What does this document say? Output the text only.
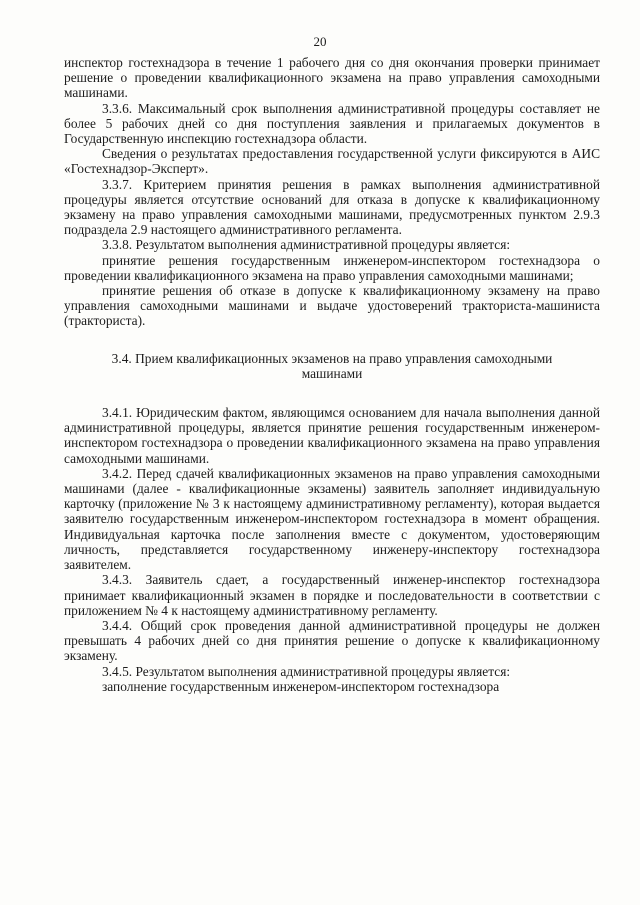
20

инспектор гостехнадзора в течение 1 рабочего дня со дня окончания проверки принимает решение о проведении квалификационного экзамена на право управления самоходными машинами.

3.3.6. Максимальный срок выполнения административной процедуры составляет не более 5 рабочих дней со дня поступления заявления и прилагаемых документов в Государственную инспекцию гостехнадзора области.

Сведения о результатах предоставления государственной услуги фиксируются в АИС «Гостехнадзор-Эксперт».

3.3.7. Критерием принятия решения в рамках выполнения административной процедуры является отсутствие оснований для отказа в допуске к квалификационному экзамену на право управления самоходными машинами, предусмотренных пунктом 2.9.3 подраздела 2.9 настоящего административного регламента.

3.3.8. Результатом выполнения административной процедуры является:

принятие решения государственным инженером-инспектором гостехнадзора о проведении квалификационного экзамена на право управления самоходными машинами;

принятие решения об отказе в допуске к квалификационному экзамену на право управления самоходными машинами и выдаче удостоверений тракториста-машиниста (тракториста).

3.4. Прием квалификационных экзаменов на право управления самоходными машинами

3.4.1. Юридическим фактом, являющимся основанием для начала выполнения данной административной процедуры, является принятие решения государственным инженером-инспектором гостехнадзора о проведении квалификационного экзамена на право управления самоходными машинами.

3.4.2. Перед сдачей квалификационных экзаменов на право управления самоходными машинами (далее - квалификационные экзамены) заявитель заполняет индивидуальную карточку (приложение № 3 к настоящему административному регламенту), которая выдается заявителю государственным инженером-инспектором гостехнадзора в момент обращения. Индивидуальная карточка после заполнения вместе с документом, удостоверяющим личность, представляется государственному инженеру-инспектору гостехнадзора заявителем.

3.4.3. Заявитель сдает, а государственный инженер-инспектор гостехнадзора принимает квалификационный экзамен в порядке и последовательности в соответствии с приложением № 4 к настоящему административному регламенту.

3.4.4. Общий срок проведения данной административной процедуры не должен превышать 4 рабочих дней со дня принятия решение о допуске к квалификационному экзамену.

3.4.5. Результатом выполнения административной процедуры является:

заполнение государственным инженером-инспектором гостехнадзора
